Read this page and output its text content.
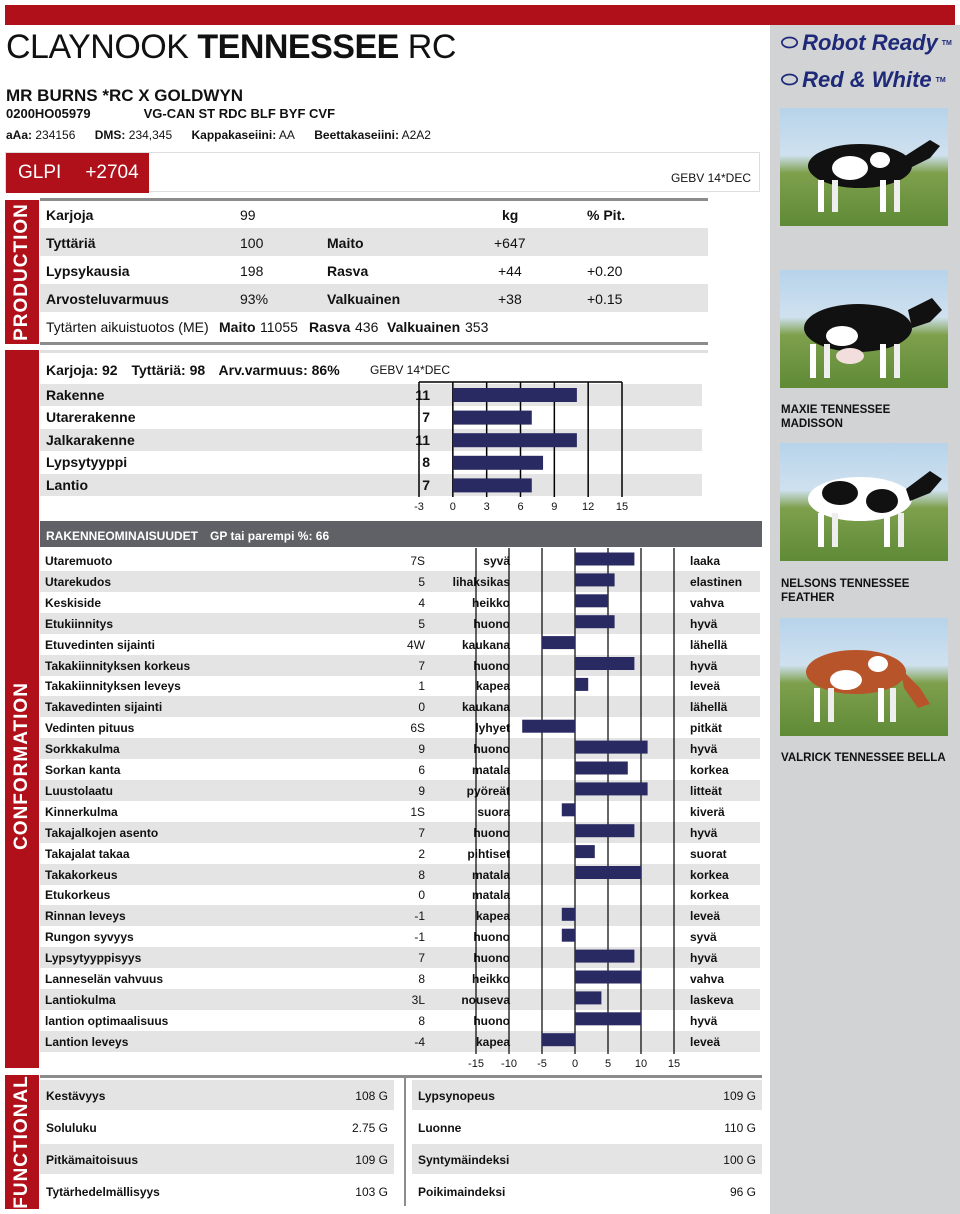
CLAYNOOK TENNESSEE RC
MR BURNS *RC X GOLDWYN
0200HO05979	VG-CAN ST RDC BLF BYF CVF
aAa: 234156 DMS: 234,345 Kappakaseiini: AA Beettakaseiini: A2A2
GLPI +2704	GEBV 14*DEC
PRODUCTION
CONFORMATION
FUNCTIONAL
Karjoja	99	kg	% Pit.
Tyttäriä	100	Maito	+647
Lypsykausia	198	Rasva	+44	+0.20
Arvosteluvarmuus	93%	Valkuainen	+38	+0.15
Tytärten aikuistuotos (ME) Maito 11055 Rasva 436 Valkuainen 353
Karjoja: 92 Tyttäriä: 98 Arv.varmuus: 86%	GEBV 14*DEC
Rakenne	11
Utarerakenne	7
Jalkarakenne	11
Lypsytyyppi	8
Lantio	7
-3 0	3	6	9 12 15
RAKENNEOMINAISUUDET GP tai parempi %: 66
Utaremuoto	7S	syvä	laaka
Utarekudos	5	lihaksikas	elastinen
Keskiside	4	heikko	vahva
Etukiinnitys	5	huono	hyvä
Etuvedinten sijainti	4W	kaukana	lähellä
Takakiinnityksen korkeus	7	huono	hyvä
Takakiinnityksen leveys	1	kapea	leveä
Takavedinten sijainti	0	kaukana	lähellä
Vedinten pituus	6S	lyhyet	pitkät
Sorkkakulma	9	huono	hyvä
Sorkan kanta	6	matala	korkea
Luustolaatu	9	pyöreät	litteät
Kinnerkulma	1S	suora	kiverä
Takajalkojen asento	7	huono	hyvä
Takajalat takaa	2	pihtiset	suorat
Takakorkeus	8	matala	korkea
Etukorkeus	0	matala	korkea
Rinnan leveys	-1	kapea	leveä
Rungon syvyys	-1	huono	syvä
Lypsytyyppisyys	7	huono	hyvä
Lanneselän vahvuus	8	heikko	vahva
Lantiokulma	3L	nouseva	laskeva
lantion optimaalisuus	8	huono	hyvä
Lantion leveys	-4	kapea	leveä
-15 -10 -5 0 5 10 15
Kestävyys	108 G
Soluluku	2.75 G
Pitkämaitoisuus	109 G
Tytärhedelmällisyys	103 G
Lypsynopeus	109 G
Luonne	110 G
Syntymäindeksi	100 G
Poikimaindeksi	96 G
⬭ Robot Ready TM
⬭ Red & White TM
MAXIE TENNESSEE MADISSON
NELSONS TENNESSEE FEATHER
VALRICK TENNESSEE BELLA
